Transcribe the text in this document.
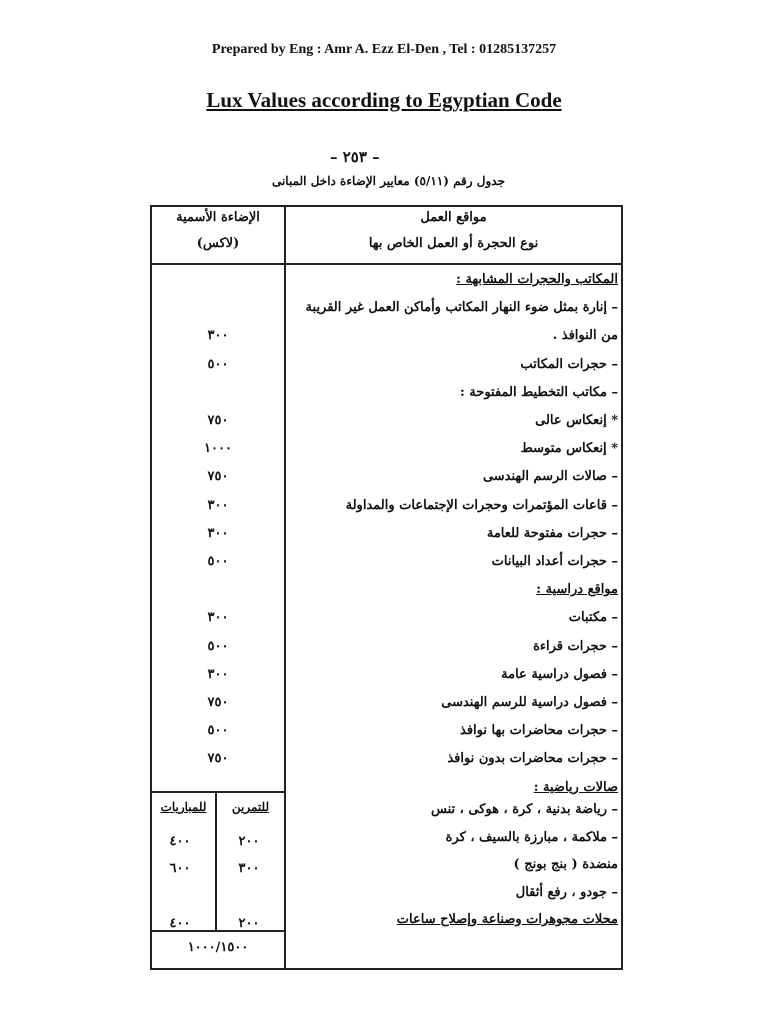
Prepared by Eng : Amr A. Ezz El-Den , Tel : 01285137257
Lux Values according to Egyptian Code
– ٢٥٣ –
جدول رقم (٥/١١) معايير الإضاءة داخل المبانى
الإضاءة الأسمية
(لاكس)
مواقع العمل
نوع الحجرة أو العمل الخاص بها
المكاتب والحجرات المشابهة :
– إنارة بمثل ضوء النهار المكاتب وأماكن العمل غير القريبة
من النوافذ .
٣٠٠
– حجرات المكاتب
٥٠٠
– مكاتب التخطيط المفتوحة :
* إنعكاس عالى
٧٥٠
* إنعكاس متوسط
١٠٠٠
– صالات الرسم الهندسى
٧٥٠
– قاعات المؤتمرات وحجرات الإجتماعات والمداولة
٣٠٠
– حجرات مفتوحة للعامة
٣٠٠
– حجرات أعداد البيانات
٥٠٠
مواقع دراسية :
– مكتبات
٣٠٠
– حجرات قراءة
٥٠٠
– فصول دراسية عامة
٣٠٠
– فصول دراسية للرسم الهندسى
٧٥٠
– حجرات محاضرات بها نوافذ
٥٠٠
– حجرات محاضرات بدون نوافذ
٧٥٠
صالات رياضية :
للمباريات	للتمرين	– رياضة بدنية ، كرة ، هوكى ، تنس
– ملاكمة ، مبارزة بالسيف ، كرة
٢٠٠
٤٠٠
منضدة ( بنج بونج )
٣٠٠
٦٠٠
– جودو ، رفع أثقال
محلات مجوهرات وصناعة وإصلاح ساعات
٢٠٠
٤٠٠
١٠٠٠/١٥٠٠
